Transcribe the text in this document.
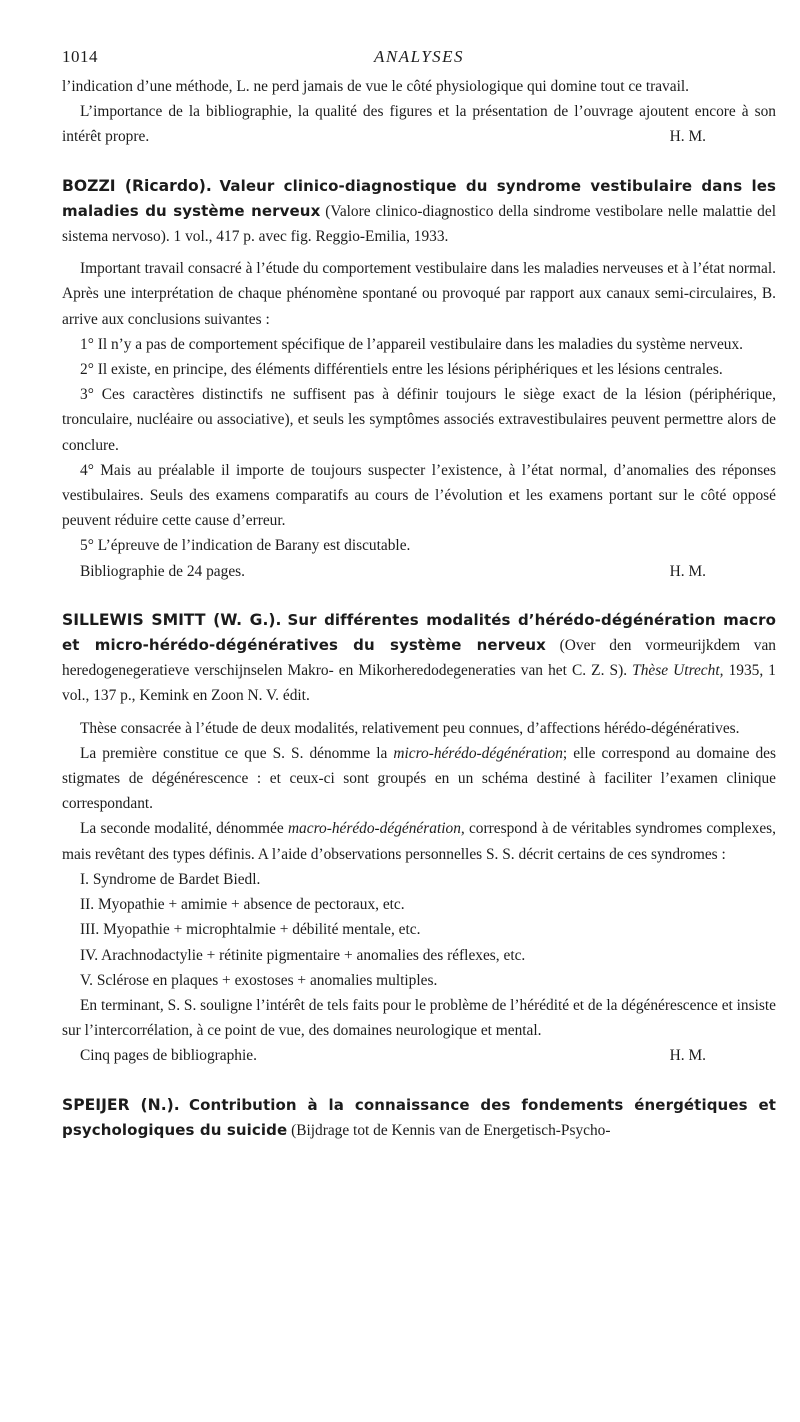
1014	ANALYSES

l’indication d’une méthode, L. ne perd jamais de vue le côté physiologique qui domine tout ce travail.

L’importance de la bibliographie, la qualité des figures et la présentation de l’ouvrage ajoutent encore à son intérêt propre.	H. M.

BOZZI (Ricardo). Valeur clinico-diagnostique du syndrome vestibulaire dans les maladies du système nerveux (Valore clinico-diagnostico della sindrome vestibolare nelle malattie del sistema nervoso). 1 vol., 417 p. avec fig. Reggio-Emilia, 1933.

Important travail consacré à l’étude du comportement vestibulaire dans les maladies nerveuses et à l’état normal. Après une interprétation de chaque phénomène spontané ou provoqué par rapport aux canaux semi-circulaires, B. arrive aux conclusions suivantes :

1° Il n’y a pas de comportement spécifique de l’appareil vestibulaire dans les maladies du système nerveux.

2° Il existe, en principe, des éléments différentiels entre les lésions périphériques et les lésions centrales.

3° Ces caractères distinctifs ne suffisent pas à définir toujours le siège exact de la lésion (périphérique, tronculaire, nucléaire ou associative), et seuls les symptômes associés extravestibulaires peuvent permettre alors de conclure.

4° Mais au préalable il importe de toujours suspecter l’existence, à l’état normal, d’anomalies des réponses vestibulaires. Seuls des examens comparatifs au cours de l’évolution et les examens portant sur le côté opposé peuvent réduire cette cause d’erreur.

5° L’épreuve de l’indication de Barany est discutable.

Bibliographie de 24 pages.	H. M.

SILLEWIS SMITT (W. G.). Sur différentes modalités d’hérédo-dégénération macro et micro-hérédo-dégénératives du système nerveux (Over den vormeurijkdem van heredogenegeratieve verschijnselen Makro- en Mikorheredodegeneraties van het C. Z. S). Thèse Utrecht, 1935, 1 vol., 137 p., Kemink en Zoon N. V. édit.

Thèse consacrée à l’étude de deux modalités, relativement peu connues, d’affections hérédo-dégénératives.

La première constitue ce que S. S. dénomme la micro-hérédo-dégénération; elle correspond au domaine des stigmates de dégénérescence : et ceux-ci sont groupés en un schéma destiné à faciliter l’examen clinique correspondant.

La seconde modalité, dénommée macro-hérédo-dégénération, correspond à de véritables syndromes complexes, mais revêtant des types définis. A l’aide d’observations personnelles S. S. décrit certains de ces syndromes :

I. Syndrome de Bardet Biedl.

II. Myopathie + amimie + absence de pectoraux, etc.

III. Myopathie + microphtalmie + débilité mentale, etc.

IV. Arachnodactylie + rétinite pigmentaire + anomalies des réflexes, etc.

V. Sclérose en plaques + exostoses + anomalies multiples.

En terminant, S. S. souligne l’intérêt de tels faits pour le problème de l’hérédité et de la dégénérescence et insiste sur l’intercorrélation, à ce point de vue, des domaines neurologique et mental.

Cinq pages de bibliographie.	H. M.

SPEIJER (N.). Contribution à la connaissance des fondements énergétiques et psychologiques du suicide (Bijdrage tot de Kennis van de Energetisch-Psycho-
